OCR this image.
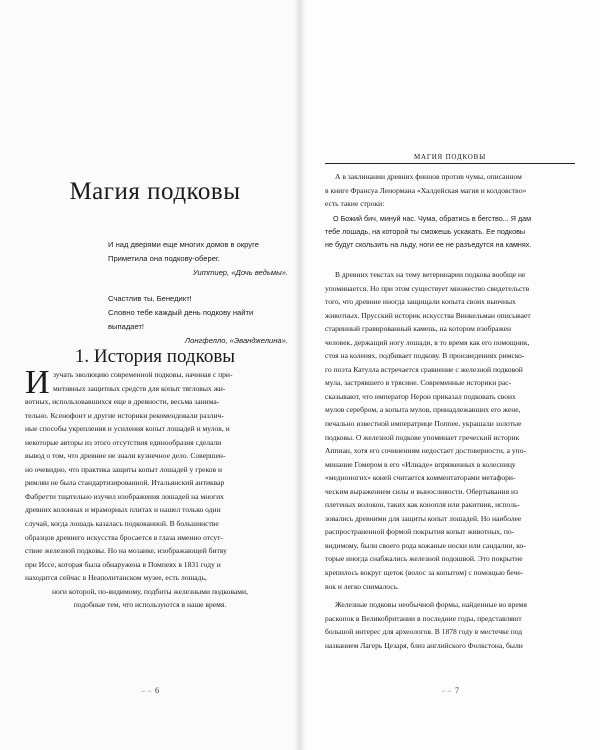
Магия подковы
И над дверями еще многих домов в округе
Приметила она подкову-оберег.
Уиттиер, «Дочь ведьмы».
Счастлив ты, Бенедикт!
Словно тебе каждый день подкову найти
выпадает!
Лонгфелло, «Эванджелина».
1. История подковы
И зучать эволюцию современной подковы, начиная с при-
митивных защитных средств для копыт тягловых жи-
вотных, использовавшихся еще в древности, весьма занима-
тельно. Ксенофонт и другие историки рекомендовали различ-
ные способы укрепления и усиления копыт лошадей и мулов, и
некоторые авторы из этого отсутствия единообразия сделали
вывод о том, что древние не знали кузнечное дело. Совершен-
но очевидно, что практика защиты копыт лошадей у греков и
римлян не была стандартизированной. Итальянский антиквар
Фабретти тщательно изучил изображения лошадей на многих
древних колоннах и мраморных плитах и нашел только один
случай, когда лошадь казалась подкованной. В большинстве
образцов древнего искусства бросается в глаза именно отсут-
ствие железной подковы. Но на мозаике, изображающей битву
при Иссе, которая была обнаружена в Помпеях в 1831 году и
находится сейчас в Неаполитанском музее, есть лошадь,
ноги которой, по-видимому, подбиты железными подковами,
подобные тем, что используются в наше время.
∽∽ 6
МАГИЯ ПОДКОВЫ
А в заклинании древних финнов против чумы, описанном
в книге Франсуа Ленормана «Халдейская магия и колдовство»
есть такие строки:
О Божий бич, минуй нас. Чума, обратись в бегство... Я дам
тебе лошадь, на которой ты сможешь ускакать. Ее подковы
не будут скользить на льду, ноги ее не разъедутся на камнях.
В древних текстах на тему ветеринарии подкова вообще не
упоминается. Но при этом существует множество свидетельств
того, что древние иногда защищали копыта своих вьючных
животных. Прусский историк искусства Винкельман описывает
старинный гравированный камень, на котором изображен
человек, держащий ногу лошади, в то время как его помощник,
стоя на коленях, подбивает подкову. В произведениях римско-
го поэта Катулла встречается сравнение с железной подковой
мула, застрявшего в трясине. Современные историки рас-
сказывают, что император Нерон приказал подковать своих
мулов серебром, а копыта мулов, принадлежавших его жене,
печально известной императрице Поппее, украшали золотые
подковы. О железной подкове упоминает греческий историк
Аппиан, хотя его сочинениям недостает достоверности, а упо-
минание Гомером в его «Илиаде» впряженных в колесницу
«медноногих» коней считается комментаторами метафори-
ческим выражением силы и выносливости. Обертывания из
плетеных волокон, таких как конопля или ракитник, исполь-
зовались древними для защиты копыт лошадей. Но наиболее
распространенной формой покрытия копыт животных, по-
видимому, были своего рода кожаные носки или сандалии, ко-
торые иногда снабжались железной подошвой. Это покрытие
крепилось вокруг щеток (волос за копытом) с помощью бече-
вок и легко снималось.
Железные подковы необычной формы, найденные во время
раскопок в Великобритании в последние годы, представляют
большой интерес для археологов. В 1878 году в местечке под
названием Лагерь Цезаря, близ английского Фолкстона, были
∽∽ 7
